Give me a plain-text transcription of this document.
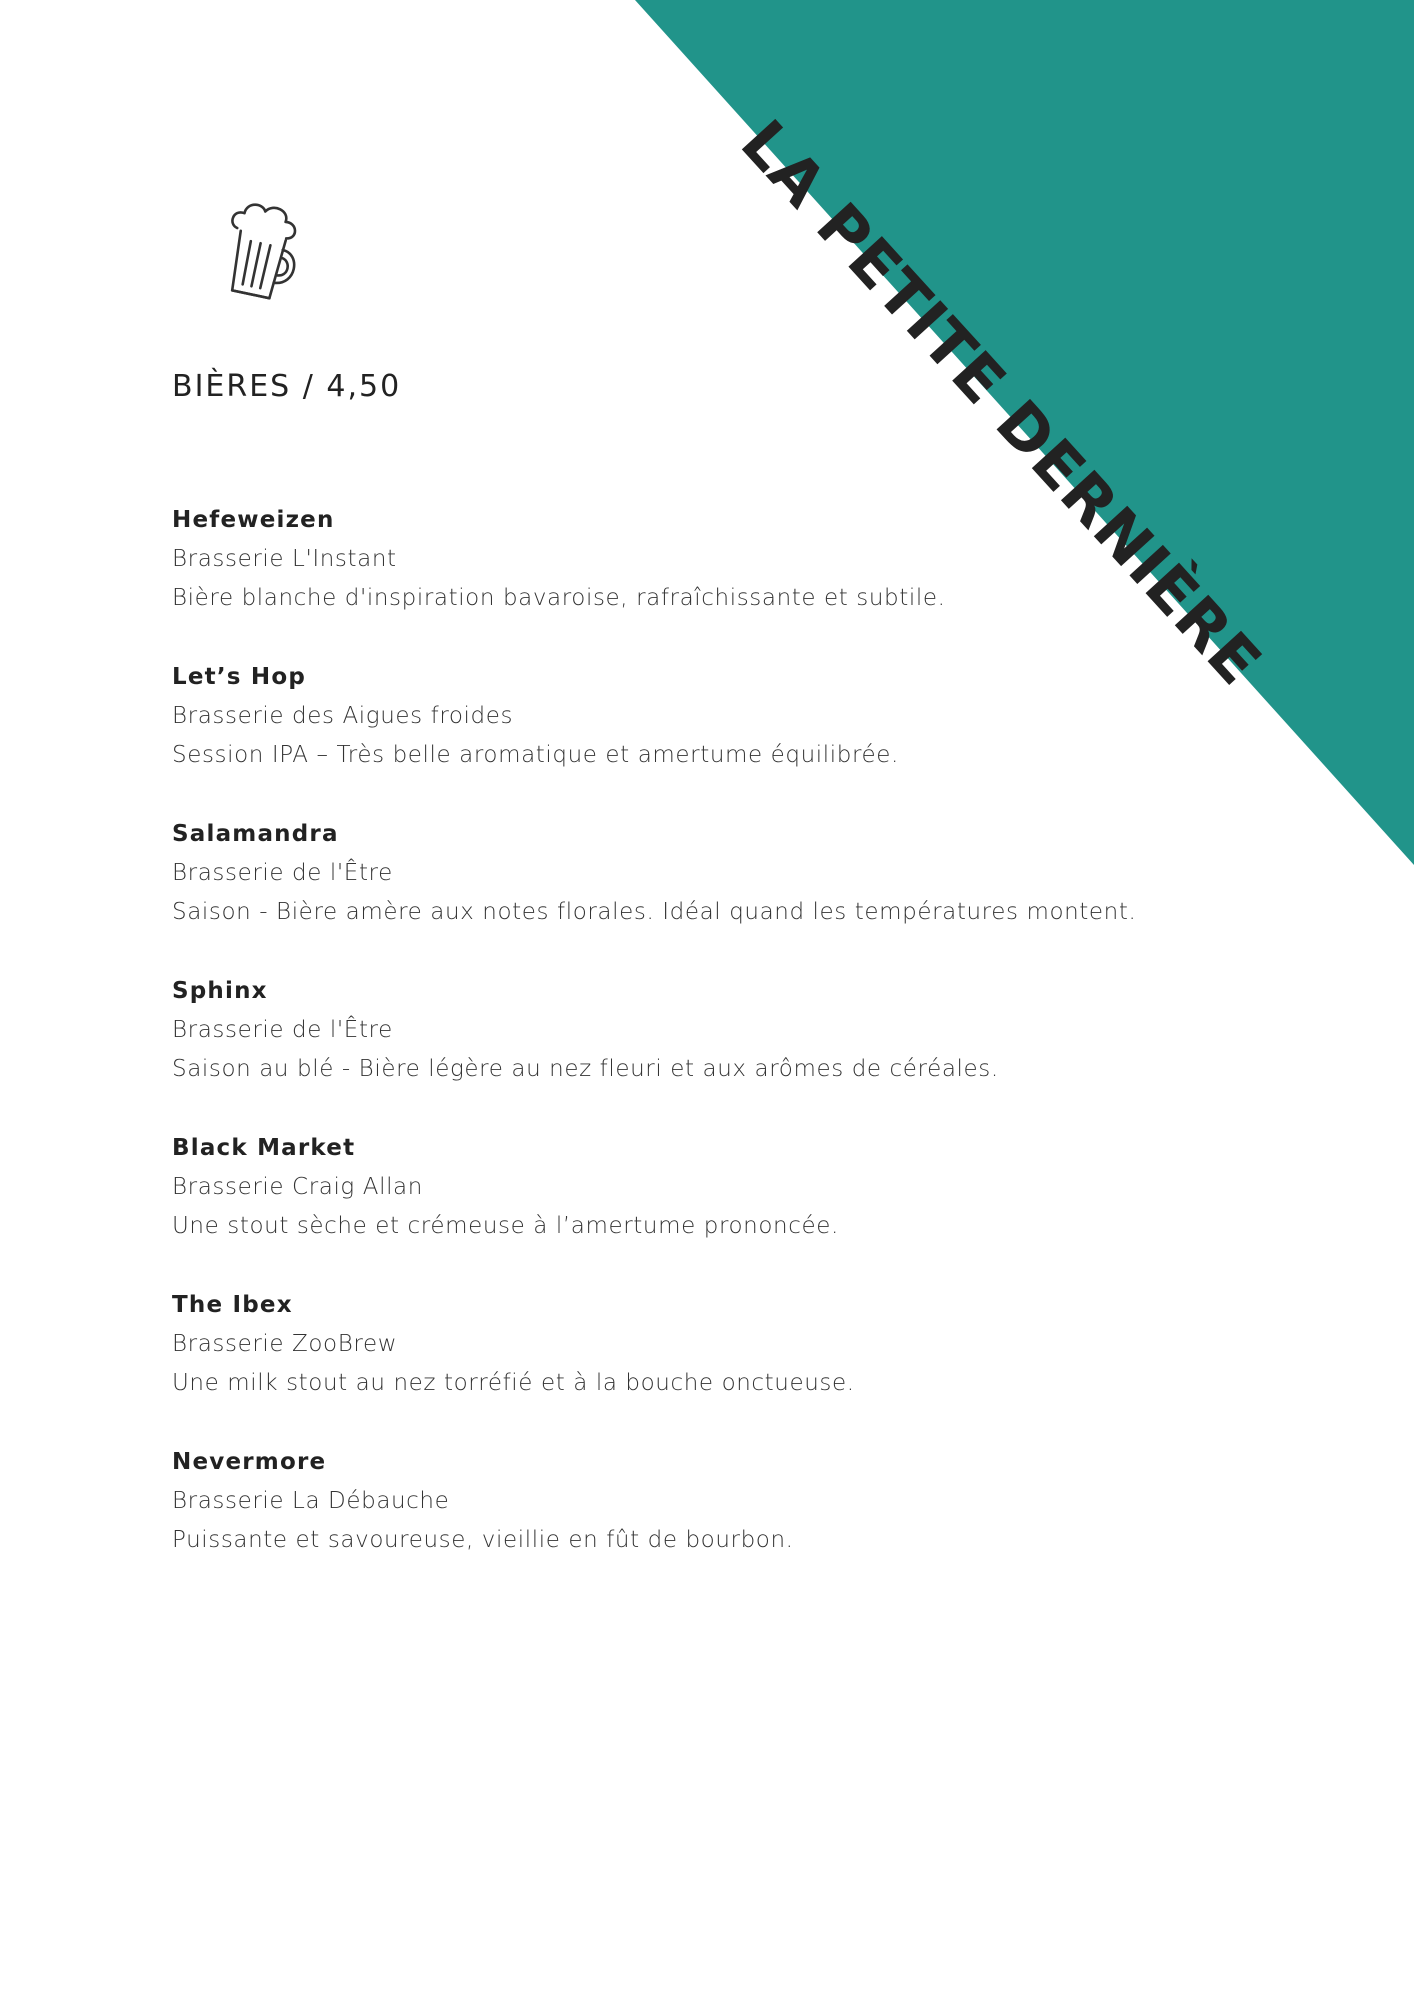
LA PETITE DERNIÈRE
BIÈRES / 4,50
Hefeweizen
Brasserie L'Instant
Bière blanche d'inspiration bavaroise, rafraîchissante et subtile.
Let’s Hop
Brasserie des Aigues froides
Session IPA – Très belle aromatique et amertume équilibrée.
Salamandra
Brasserie de l'Être
Saison - Bière amère aux notes florales. Idéal quand les températures montent.
Sphinx
Brasserie de l'Être
Saison au blé - Bière légère au nez fleuri et aux arômes de céréales.
Black Market
Brasserie Craig Allan
Une stout sèche et crémeuse à l’amertume prononcée.
The Ibex
Brasserie ZooBrew
Une milk stout au nez torréfié et à la bouche onctueuse.
Nevermore
Brasserie La Débauche
Puissante et savoureuse, vieillie en fût de bourbon.
